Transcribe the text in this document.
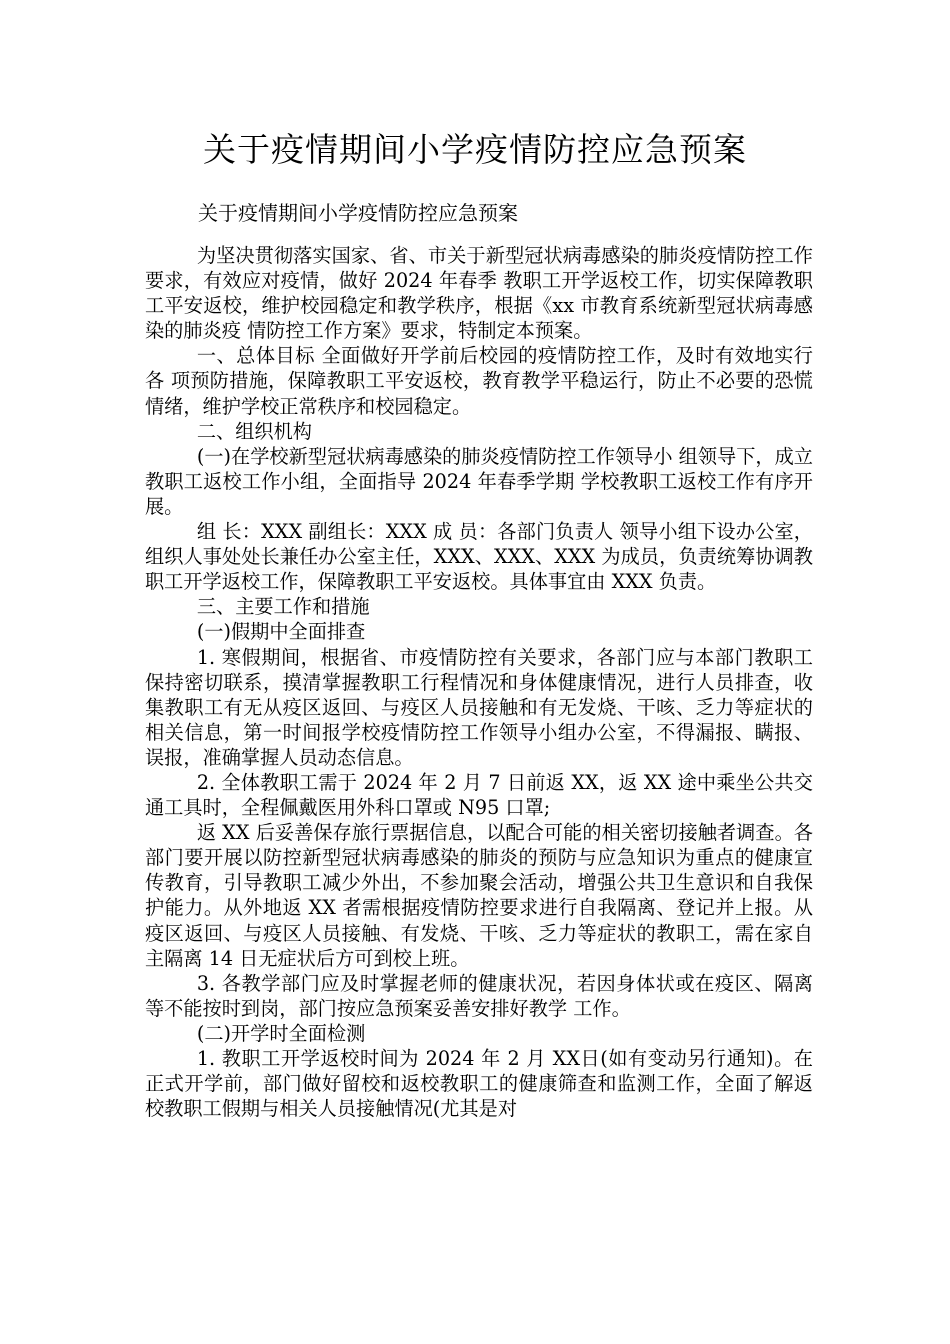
关于疫情期间小学疫情防控应急预案

关于疫情期间小学疫情防控应急预案

为坚决贯彻落实国家、省、市关于新型冠状病毒感染的肺炎疫情防控工作要求，有效应对疫情，做好 2024 年春季 教职工开学返校工作，切实保障教职工平安返校，维护校园稳定和教学秩序，根据《xx 市教育系统新型冠状病毒感染的肺炎疫 情防控工作方案》要求，特制定本预案。

一、总体目标 全面做好开学前后校园的疫情防控工作，及时有效地实行各 项预防措施，保障教职工平安返校，教育教学平稳运行，防止不必要的恐慌情绪，维护学校正常秩序和校园稳定。

二、组织机构

(一)在学校新型冠状病毒感染的肺炎疫情防控工作领导小 组领导下，成立教职工返校工作小组，全面指导 2024 年春季学期 学校教职工返校工作有序开展。

组 长：XXX 副组长：XXX 成 员：各部门负责人 领导小组下设办公室，组织人事处处长兼任办公室主任，XXX、XXX、XXX 为成员，负责统筹协调教职工开学返校工作，保障教职工平安返校。具体事宜由 XXX 负责。

三、主要工作和措施

(一)假期中全面排查

1. 寒假期间，根据省、市疫情防控有关要求，各部门应与本部门教职工保持密切联系，摸清掌握教职工行程情况和身体健康情况，进行人员排查，收集教职工有无从疫区返回、与疫区人员接触和有无发烧、干咳、乏力等症状的相关信息，第一时间报学校疫情防控工作领导小组办公室，不得漏报、瞒报、误报，准确掌握人员动态信息。

2. 全体教职工需于 2024 年 2 月 7 日前返 XX，返 XX 途中乘坐公共交通工具时，全程佩戴医用外科口罩或 N95 口罩;

返 XX 后妥善保存旅行票据信息，以配合可能的相关密切接触者调查。各部门要开展以防控新型冠状病毒感染的肺炎的预防与应急知识为重点的健康宣传教育，引导教职工减少外出，不参加聚会活动，增强公共卫生意识和自我保护能力。从外地返 XX 者需根据疫情防控要求进行自我隔离、登记并上报。从疫区返回、与疫区人员接触、有发烧、干咳、乏力等症状的教职工，需在家自主隔离 14 日无症状后方可到校上班。

3. 各教学部门应及时掌握老师的健康状况，若因身体状或在疫区、隔离等不能按时到岗，部门按应急预案妥善安排好教学 工作。

(二)开学时全面检测

1. 教职工开学返校时间为 2024 年 2 月 XX日(如有变动另行通知)。在正式开学前，部门做好留校和返校教职工的健康筛查和监测工作，全面了解返校教职工假期与相关人员接触情况(尤其是对
